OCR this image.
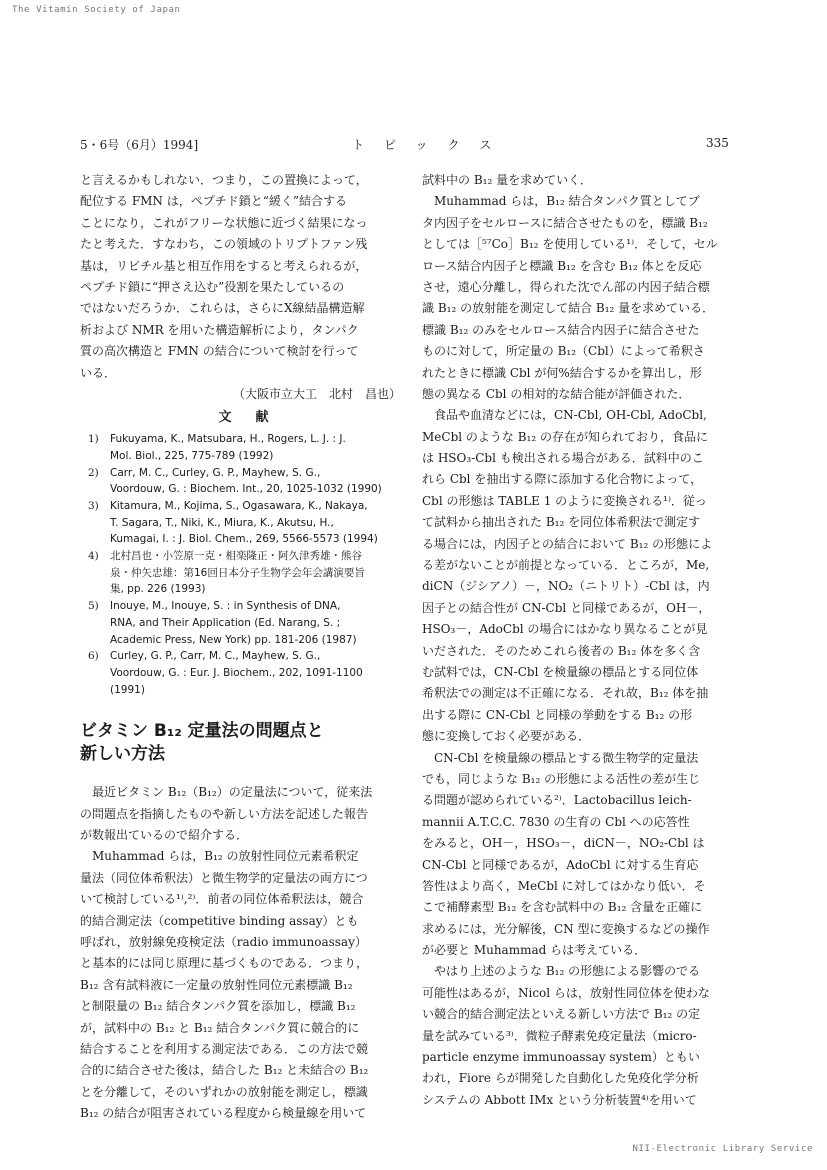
The Vitamin Society of Japan
5・6号（6月）1994]	トピックス	335
と言えるかもしれない．つまり，この置換によって，
配位する FMN は，ペプチド鎖と“緩く”結合する
ことになり，これがフリーな状態に近づく結果になっ
たと考えた．すなわち，この領域のトリプトファン残
基は，リビチル基と相互作用をすると考えられるが，
ペプチド鎖に“押さえ込む”役割を果たしているの
ではないだろうか．これらは，さらにX線結晶構造解
析および NMR を用いた構造解析により，タンパク
質の高次構造と FMN の結合について検討を行って
いる．
（大阪市立大工　北村　昌也）
文献
1) Fukuyama, K., Matsubara, H., Rogers, L. J. : J.
Mol. Biol., 225, 775-789 (1992)
2) Carr, M. C., Curley, G. P., Mayhew, S. G.,
Voordouw, G. : Biochem. Int., 20, 1025-1032 (1990)
3) Kitamura, M., Kojima, S., Ogasawara, K., Nakaya,
T. Sagara, T., Niki, K., Miura, K., Akutsu, H.,
Kumagai, I. : J. Biol. Chem., 269, 5566-5573 (1994)
4) 北村昌也・小笠原一克・相楽隆正・阿久津秀雄・熊谷
泉・仲矢忠雄：第16回日本分子生物学会年会講演要旨
集, pp. 226 (1993)
5) Inouye, M., Inouye, S. : in Synthesis of DNA,
RNA, and Their Application (Ed. Narang, S. ;
Academic Press, New York) pp. 181-206 (1987)
6) Curley, G. P., Carr, M. C., Mayhew, S. G.,
Voordouw, G. : Eur. J. Biochem., 202, 1091-1100
(1991)
ビタミン B₁₂ 定量法の問題点と
新しい方法
　最近ビタミン B₁₂（B₁₂）の定量法について，従来法
の問題点を指摘したものや新しい方法を記述した報告
が数報出ているので紹介する．
　Muhammad らは，B₁₂ の放射性同位元素希釈定
量法（同位体希釈法）と微生物学的定量法の両方につ
いて検討している¹⁾,²⁾．前者の同位体希釈法は，競合
的結合測定法（competitive binding assay）とも
呼ばれ，放射線免疫検定法（radio immunoassay）
と基本的には同じ原理に基づくものである．つまり，
B₁₂ 含有試料液に一定量の放射性同位元素標識 B₁₂
と制限量の B₁₂ 結合タンパク質を添加し，標識 B₁₂
が，試料中の B₁₂ と B₁₂ 結合タンパク質に競合的に
結合することを利用する測定法である．この方法で競
合的に結合させた後は，結合した B₁₂ と未結合の B₁₂
とを分離して，そのいずれかの放射能を測定し，標識
B₁₂ の結合が阻害されている程度から検量線を用いて
試料中の B₁₂ 量を求めていく．
　Muhammad らは，B₁₂ 結合タンパク質としてブ
タ内因子をセルロースに結合させたものを，標識 B₁₂
としては［⁵⁷Co］B₁₂ を使用している¹⁾．そして，セル
ロース結合内因子と標識 B₁₂ を含む B₁₂ 体とを反応
させ，遠心分離し，得られた沈でん部の内因子結合標
識 B₁₂ の放射能を測定して結合 B₁₂ 量を求めている．
標識 B₁₂ のみをセルロース結合内因子に結合させた
ものに対して，所定量の B₁₂（Cbl）によって希釈さ
れたときに標識 Cbl が何%結合するかを算出し，形
態の異なる Cbl の相対的な結合能が評価された．
　食品や血清などには，CN-Cbl, OH-Cbl, AdoCbl,
MeCbl のような B₁₂ の存在が知られており，食品に
は HSO₃-Cbl も検出される場合がある．試料中のこ
れら Cbl を抽出する際に添加する化合物によって，
Cbl の形態は TABLE 1 のように変換される¹⁾．従っ
て試料から抽出された B₁₂ を同位体希釈法で測定す
る場合には，内因子との結合において B₁₂ の形態によ
る差がないことが前提となっている．ところが，Me,
diCN（ジシアノ）－，NO₂（ニトリト）-Cbl は，内
因子との結合性が CN-Cbl と同様であるが，OH－，
HSO₃－，AdoCbl の場合にはかなり異なることが見
いだされた．そのためこれら後者の B₁₂ 体を多く含
む試料では，CN-Cbl を検量線の標品とする同位体
希釈法での測定は不正確になる．それ故，B₁₂ 体を抽
出する際に CN-Cbl と同様の挙動をする B₁₂ の形
態に変換しておく必要がある．
　CN-Cbl を検量線の標品とする微生物学的定量法
でも，同じような B₁₂ の形態による活性の差が生じ
る問題が認められている²⁾．Lactobacillus leich-
mannii A.T.C.C. 7830 の生育の Cbl への応答性
をみると，OH－，HSO₃－，diCN－，NO₂-Cbl は
CN-Cbl と同様であるが，AdoCbl に対する生育応
答性はより高く，MeCbl に対してはかなり低い．そ
こで補酵素型 B₁₂ を含む試料中の B₁₂ 含量を正確に
求めるには，光分解後，CN 型に変換するなどの操作
が必要と Muhammad らは考えている．
　やはり上述のような B₁₂ の形態による影響のでる
可能性はあるが，Nicol らは，放射性同位体を使わな
い競合的結合測定法といえる新しい方法で B₁₂ の定
量を試みている³⁾．微粒子酵素免疫定量法（micro-
particle enzyme immunoassay system）ともい
われ，Fiore らが開発した自動化した免疫化学分析
システムの Abbott IMx という分析装置⁴⁾を用いて
NII-Electronic Library Service
